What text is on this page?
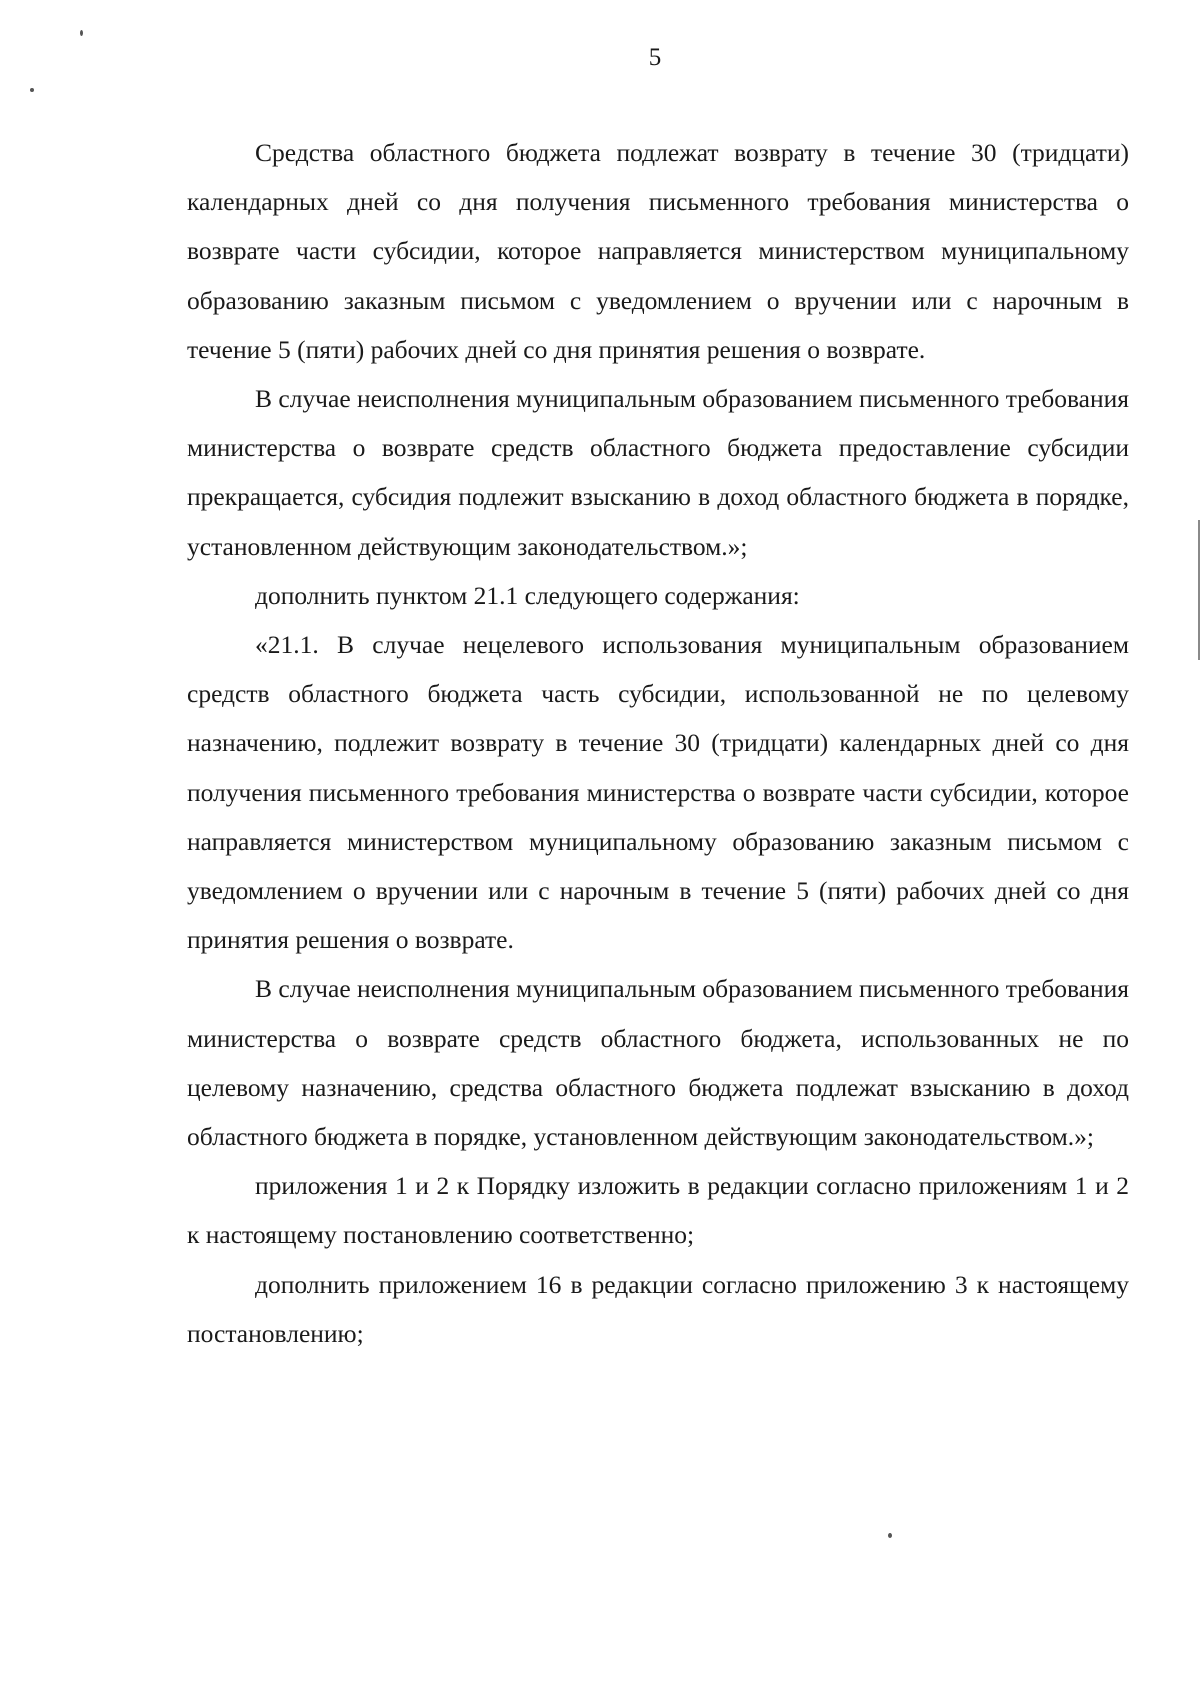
5

Средства областного бюджета подлежат возврату в течение 30 (тридцати) календарных дней со дня получения письменного требования министерства о возврате части субсидии, которое направляется министерством муниципальному образованию заказным письмом с уведомлением о вручении или с нарочным в течение 5 (пяти) рабочих дней со дня принятия решения о возврате.

В случае неисполнения муниципальным образованием письменного требования министерства о возврате средств областного бюджета предоставление субсидии прекращается, субсидия подлежит взысканию в доход областного бюджета в порядке, установленном действующим законодательством.»;

дополнить пунктом 21.1 следующего содержания:

«21.1. В случае нецелевого использования муниципальным образованием средств областного бюджета часть субсидии, использованной не по целевому назначению, подлежит возврату в течение 30 (тридцати) календарных дней со дня получения письменного требования министерства о возврате части субсидии, которое направляется министерством муниципальному образованию заказным письмом с уведомлением о вручении или с нарочным в течение 5 (пяти) рабочих дней со дня принятия решения о возврате.

В случае неисполнения муниципальным образованием письменного требования министерства о возврате средств областного бюджета, использованных не по целевому назначению, средства областного бюджета подлежат взысканию в доход областного бюджета в порядке, установленном действующим законодательством.»;

приложения 1 и 2 к Порядку изложить в редакции согласно приложениям 1 и 2 к настоящему постановлению соответственно;

дополнить приложением 16 в редакции согласно приложению 3 к настоящему постановлению;
